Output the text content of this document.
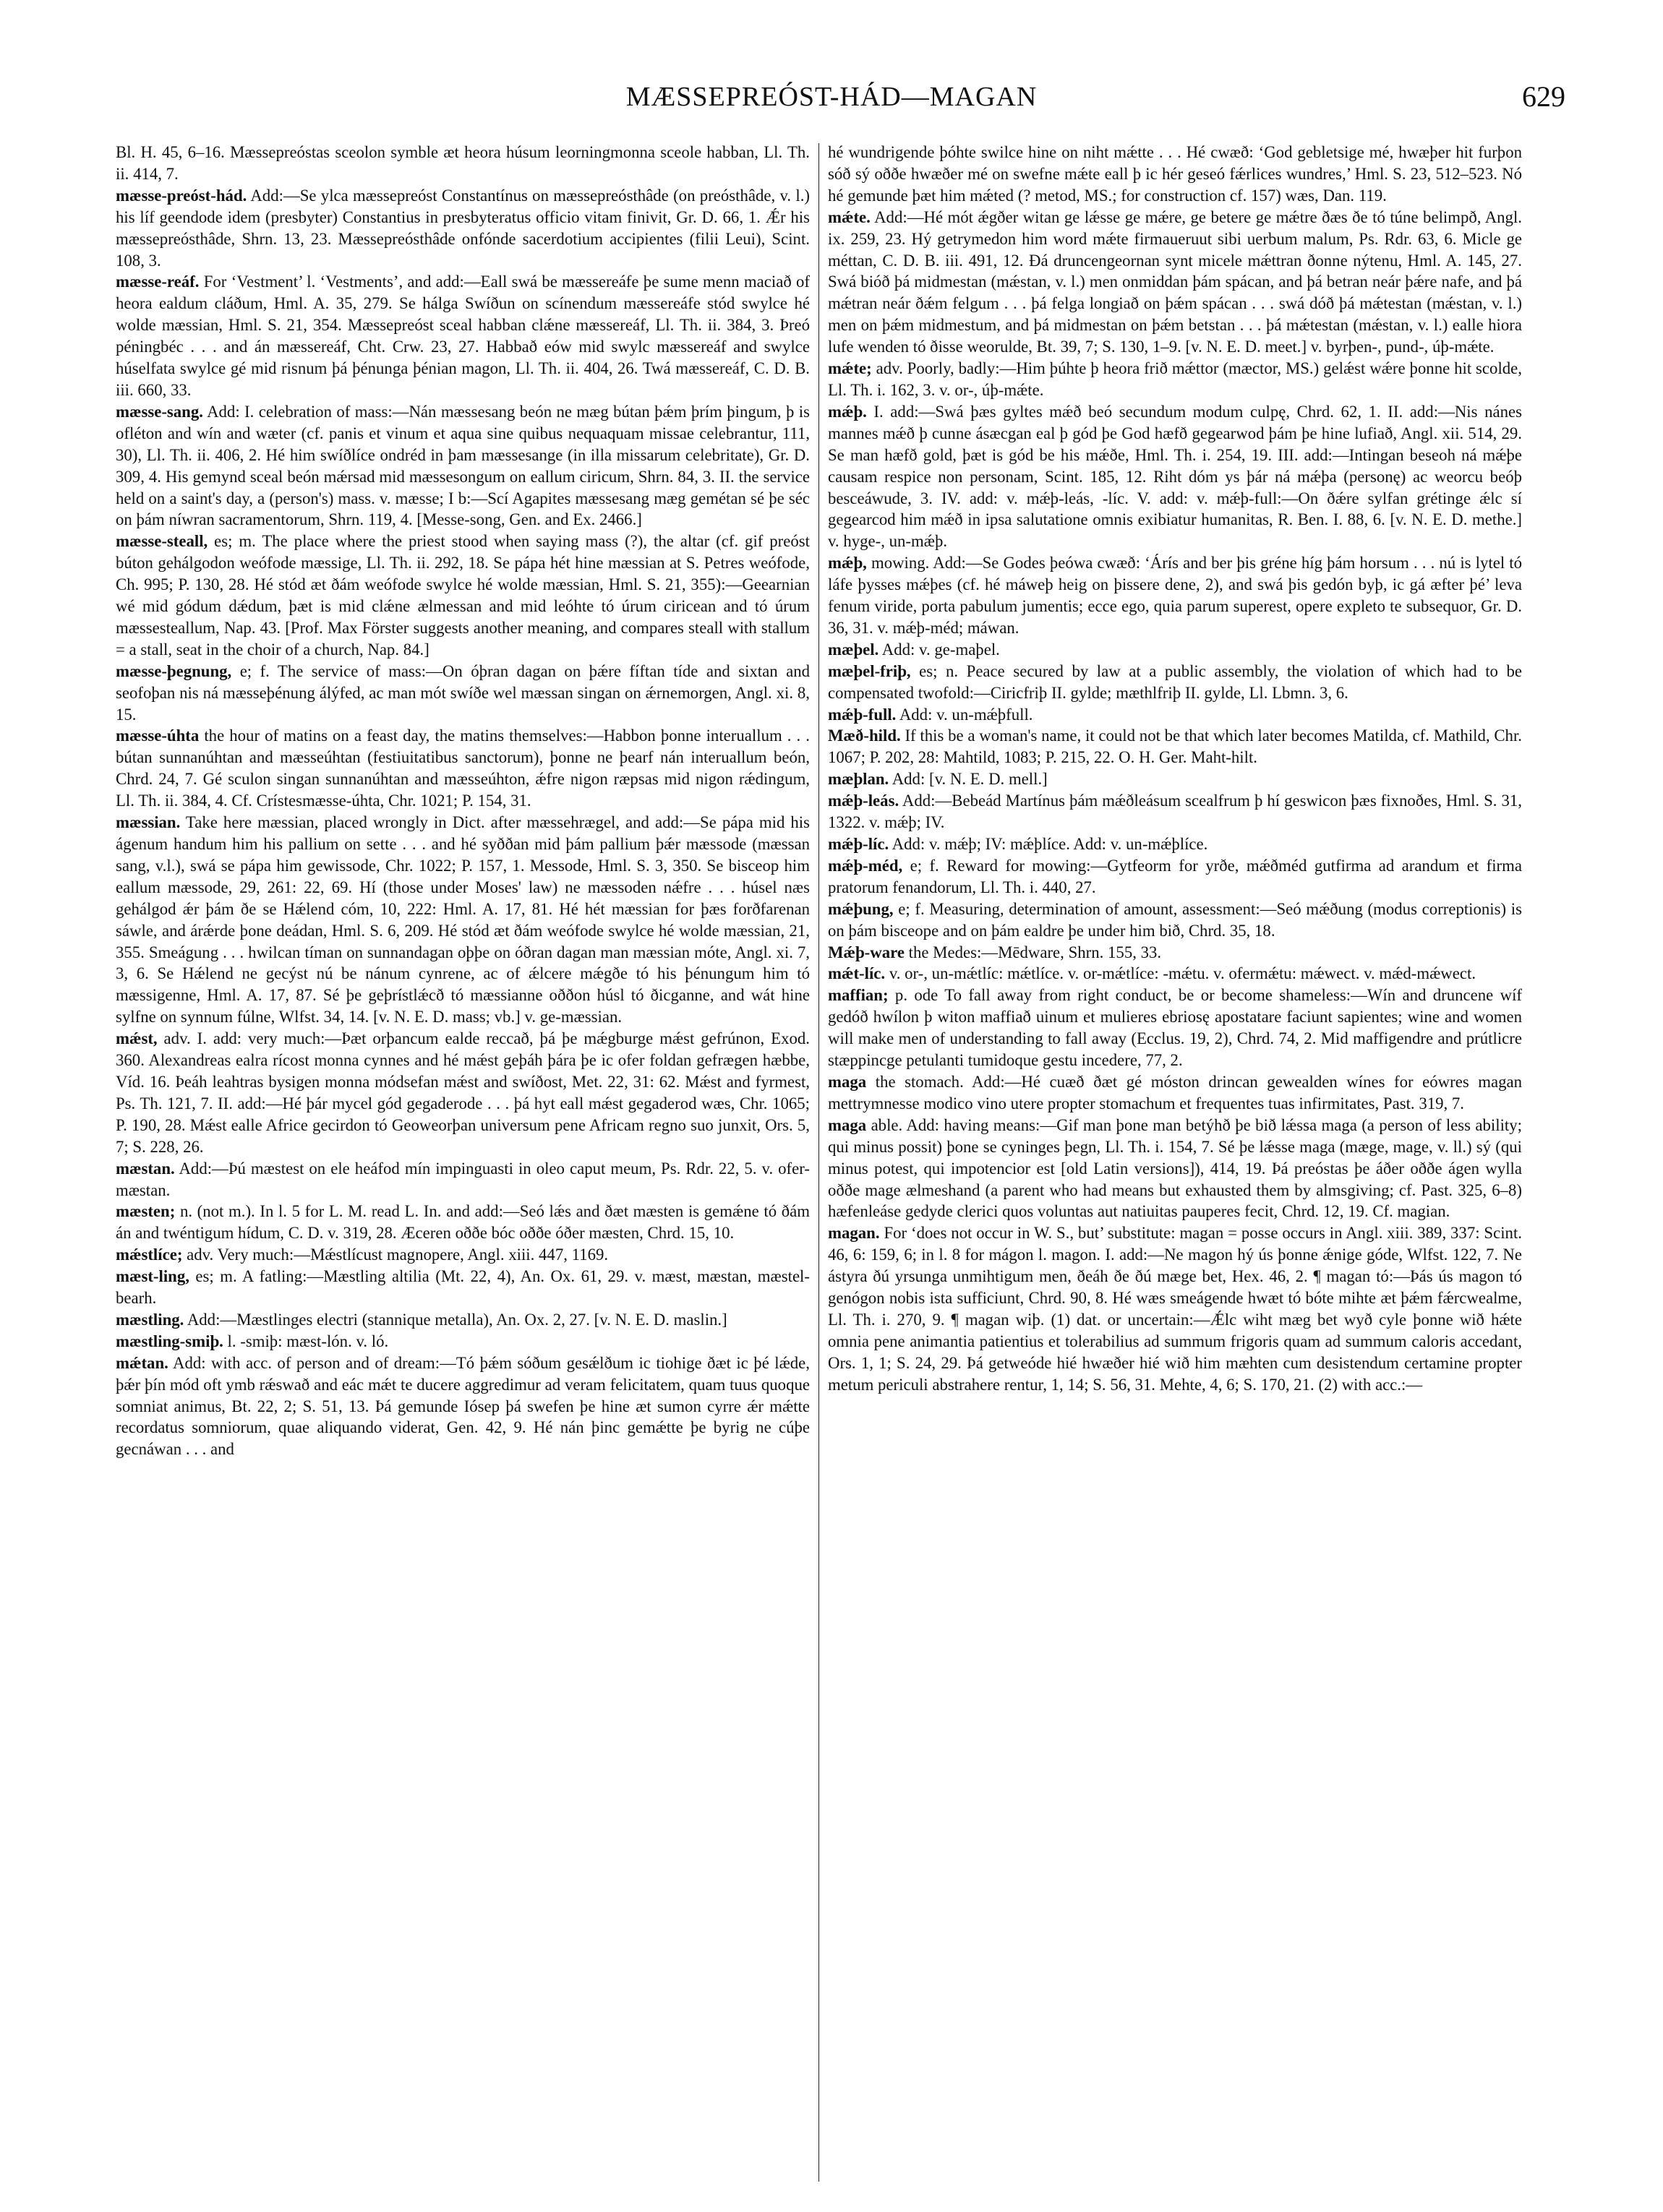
MÆSSEPREÓST-HÁD—MAGAN	629

Bl. H. 45, 6–16. Mæssepreóstas sceolon symble æt heora húsum leorningmonna sceole habban, Ll. Th. ii. 414, 7.

mæsse-preóst-hád. Add:—Se ylca mæssepreóst Constantínus on mæssepreósthâde (on preósthâde, v. l.) his líf geendode idem (presbyter) Constantius in presbyteratus officio vitam finivit, Gr. D. 66, 1. Ǽr his mæssepreósthâde, Shrn. 13, 23. Mæssepreósthâde onfónde sacerdotium accipientes (filii Leui), Scint. 108, 3.

mæsse-reáf. For ‘Vestment’ l. ‘Vestments’, and add:—Eall swá be mæssereáfe þe sume menn maciað of heora ealdum cláðum, Hml. A. 35, 279. Se hálga Swíðun on scínendum mæssereáfe stód swylce hé wolde mæssian, Hml. S. 21, 354. Mæssepreóst sceal habban clǽne mæssereáf, Ll. Th. ii. 384, 3. Þreó péningbéc . . . and án mæssereáf, Cht. Crw. 23, 27. Habbað eów mid swylc mæssereáf and swylce húselfata swylce gé mid risnum þá þénunga þénian magon, Ll. Th. ii. 404, 26. Twá mæssereáf, C. D. B. iii. 660, 33.

mæsse-sang. Add: I. celebration of mass:—Nán mæssesang beón ne mæg bútan þǽm þrím þingum, þ is ofléton and wín and wæter (cf. panis et vinum et aqua sine quibus nequaquam missae celebrantur, 111, 30), Ll. Th. ii. 406, 2. Hé him swíðlíce ondréd in þam mæssesange (in illa missarum celebritate), Gr. D. 309, 4. His gemynd sceal beón mǽrsad mid mæssesongum on eallum ciricum, Shrn. 84, 3. II. the service held on a saint's day, a (person's) mass. v. mæsse; I b:—Scí Agapites mæssesang mæg gemétan sé þe séc on þám níwran sacramentorum, Shrn. 119, 4. [Messe-song, Gen. and Ex. 2466.]

mæsse-steall, es; m. The place where the priest stood when saying mass (?), the altar (cf. gif preóst búton gehálgodon weófode mæssige, Ll. Th. ii. 292, 18. Se pápa hét hine mæssian at S. Petres weófode, Ch. 995; P. 130, 28. Hé stód æt ðám weófode swylce hé wolde mæssian, Hml. S. 21, 355):—Geearnian wé mid gódum dǽdum, þæt is mid clǽne ælmessan and mid leóhte tó úrum ciricean and tó úrum mæssesteallum, Nap. 43. [Prof. Max Förster suggests another meaning, and compares steall with stallum = a stall, seat in the choir of a church, Nap. 84.]

mæsse-þegnung, e; f. The service of mass:—On óþran dagan on þǽre fíftan tíde and sixtan and seofoþan nis ná mæsseþénung álýfed, ac man mót swíðe wel mæssan singan on ǽrnemorgen, Angl. xi. 8, 15.

mæsse-úhta the hour of matins on a feast day, the matins themselves:—Habbon þonne interuallum . . . bútan sunnanúhtan and mæsseúhtan (festiuitatibus sanctorum), þonne ne þearf nán interuallum beón, Chrd. 24, 7. Gé sculon singan sunnanúhtan and mæsseúhton, ǽfre nigon ræpsas mid nigon rǽdingum, Ll. Th. ii. 384, 4. Cf. Crístesmæsse-úhta, Chr. 1021; P. 154, 31.

mæssian. Take here mæssian, placed wrongly in Dict. after mæssehrægel, and add:—Se pápa mid his ágenum handum him his pallium on sette . . . and hé syððan mid þám pallium þǽr mæssode (mæssan sang, v.l.), swá se pápa him gewissode, Chr. 1022; P. 157, 1. Messode, Hml. S. 3, 350. Se bisceop him eallum mæssode, 29, 261: 22, 69. Hí (those under Moses' law) ne mæssoden nǽfre . . . húsel næs gehálgod ǽr þám ðe se Hǽlend cóm, 10, 222: Hml. A. 17, 81. Hé hét mæssian for þæs forðfarenan sáwle, and árǽrde þone deádan, Hml. S. 6, 209. Hé stód æt ðám weófode swylce hé wolde mæssian, 21, 355. Smeágung . . . hwilcan tíman on sunnandagan oþþe on óðran dagan man mæssian móte, Angl. xi. 7, 3, 6. Se Hǽlend ne gecýst nú be nánum cynrene, ac of ǽlcere mǽgðe tó his þénungum him tó mæssigenne, Hml. A. 17, 87. Sé þe geþrístlǽcð tó mæssianne oððon húsl tó ðicganne, and wát hine sylfne on synnum fúlne, Wlfst. 34, 14. [v. N. E. D. mass; vb.] v. ge-mæssian.

mǽst, adv. I. add: very much:—Þæt orþancum ealde reccað, þá þe mǽgburge mǽst gefrúnon, Exod. 360. Alexandreas ealra rícost monna cynnes and hé mǽst geþáh þára þe ic ofer foldan gefrægen hæbbe, Víd. 16. Þeáh leahtras bysigen monna módsefan mǽst and swíðost, Met. 22, 31: 62. Mǽst and fyrmest, Ps. Th. 121, 7. II. add:—Hé þár mycel gód gegaderode . . . þá hyt eall mǽst gegaderod wæs, Chr. 1065; P. 190, 28. Mǽst ealle Africe gecirdon tó Geoweorþan universum pene Africam regno suo junxit, Ors. 5, 7; S. 228, 26.

mæstan. Add:—Þú mæstest on ele heáfod mín impinguasti in oleo caput meum, Ps. Rdr. 22, 5. v. ofer-mæstan.

mæsten; n. (not m.). In l. 5 for L. M. read L. In. and add:—Seó lǽs and ðæt mæsten is gemǽne tó ðám án and twéntigum hídum, C. D. v. 319, 28. Æceren oððe bóc oððe óðer mæsten, Chrd. 15, 10.

mǽstlíce; adv. Very much:—Mǽstlícust magnopere, Angl. xiii. 447, 1169.

mæst-ling, es; m. A fatling:—Mæstling altilia (Mt. 22, 4), An. Ox. 61, 29. v. mæst, mæstan, mæstel-bearh.

mæstling. Add:—Mæstlinges electri (stannique metalla), An. Ox. 2, 27. [v. N. E. D. maslin.]

mæstling-smiþ. l. -smiþ: mæst-lón. v. ló.

mǽtan. Add: with acc. of person and of dream:—Tó þǽm sóðum gesǽlðum ic tiohige ðæt ic þé lǽde, þǽr þín mód oft ymb rǽswað and eác mǽt te ducere aggredimur ad veram felicitatem, quam tuus quoque somniat animus, Bt. 22, 2; S. 51, 13. Þá gemunde Iósep þá swefen þe hine æt sumon cyrre ǽr mǽtte recordatus somniorum, quae aliquando viderat, Gen. 42, 9. Hé nán þinc gemǽtte þe byrig ne cúþe gecnáwan . . . and

hé wundrigende þóhte swilce hine on niht mǽtte . . . Hé cwæð: ‘God gebletsige mé, hwæþer hit furþon sóð sý oððe hwæðer mé on swefne mǽte eall þ ic hér geseó fǽrlices wundres,’ Hml. S. 23, 512–523. Nó hé gemunde þæt him mǽted (? metod, MS.; for construction cf. 157) wæs, Dan. 119.

mǽte. Add:—Hé mót ǽgðer witan ge lǽsse ge mǽre, ge betere ge mǽtre ðæs ðe tó túne belimpð, Angl. ix. 259, 23. Hý getrymedon him word mǽte firmaueruut sibi uerbum malum, Ps. Rdr. 63, 6. Micle ge méttan, C. D. B. iii. 491, 12. Ðá druncengeornan synt micele mǽttran ðonne nýtenu, Hml. A. 145, 27. Swá bióð þá midmestan (mǽstan, v. l.) men onmiddan þám spácan, and þá betran neár þǽre nafe, and þá mǽtran neár ðǽm felgum . . . þá felga longiað on þǽm spácan . . . swá dóð þá mǽtestan (mǽstan, v. l.) men on þǽm midmestum, and þá midmestan on þǽm betstan . . . þá mǽtestan (mǽstan, v. l.) ealle hiora lufe wenden tó ðisse weorulde, Bt. 39, 7; S. 130, 1–9. [v. N. E. D. meet.] v. byrþen-, pund-, úþ-mǽte.

mǽte; adv. Poorly, badly:—Him þúhte þ heora frið mǽttor (mæctor, MS.) gelǽst wǽre þonne hit scolde, Ll. Th. i. 162, 3. v. or-, úþ-mǽte.

mǽþ. I. add:—Swá þæs gyltes mǽð beó secundum modum culpę, Chrd. 62, 1. II. add:—Nis nánes mannes mǽð þ cunne ásæcgan eal þ gód þe God hæfð gegearwod þám þe hine lufiað, Angl. xii. 514, 29. Se man hæfð gold, þæt is gód be his mǽðe, Hml. Th. i. 254, 19. III. add:—Intingan beseoh ná mǽþe causam respice non personam, Scint. 185, 12. Riht dóm ys þár ná mǽþa (personę) ac weorcu beóþ besceáwude, 3. IV. add: v. mǽþ-leás, -líc. V. add: v. mǽþ-full:—On ðǽre sylfan grétinge ǽlc sí gegearcod him mǽð in ipsa salutatione omnis exibiatur humanitas, R. Ben. I. 88, 6. [v. N. E. D. methe.] v. hyge-, un-mǽþ.

mǽþ, mowing. Add:—Se Godes þeówa cwæð: ‘Árís and ber þis gréne híg þám horsum . . . nú is lytel tó láfe þysses mǽþes (cf. hé máweþ heig on þissere dene, 2), and swá þis gedón byþ, ic gá æfter þé’ leva fenum viride, porta pabulum jumentis; ecce ego, quia parum superest, opere expleto te subsequor, Gr. D. 36, 31. v. mǽþ-méd; máwan.

mæþel. Add: v. ge-maþel.

mæþel-friþ, es; n. Peace secured by law at a public assembly, the violation of which had to be compensated twofold:—Ciricfriþ II. gylde; mæthlfriþ II. gylde, Ll. Lbmn. 3, 6.

mǽþ-full. Add: v. un-mǽþfull.

Mæð-hild. If this be a woman's name, it could not be that which later becomes Matilda, cf. Mathild, Chr. 1067; P. 202, 28: Mahtild, 1083; P. 215, 22. O. H. Ger. Maht-hilt.

mæþlan. Add: [v. N. E. D. mell.]

mǽþ-leás. Add:—Bebeád Martínus þám mǽðleásum scealfrum þ hí geswicon þæs fixnoðes, Hml. S. 31, 1322. v. mǽþ; IV.

mǽþ-líc. Add: v. mǽþ; IV: mǽþlíce. Add: v. un-mǽþlíce.

mǽþ-méd, e; f. Reward for mowing:—Gytfeorm for yrðe, mǽðméd gutfirma ad arandum et firma pratorum fenandorum, Ll. Th. i. 440, 27.

mǽþung, e; f. Measuring, determination of amount, assessment:—Seó mǽðung (modus correptionis) is on þám bisceope and on þám ealdre þe under him bið, Chrd. 35, 18.

Mǽþ-ware the Medes:—Mēdware, Shrn. 155, 33.

mǽt-líc. v. or-, un-mǽtlíc: mǽtlíce. v. or-mǽtlíce: -mǽtu. v. ofermǽtu: mǽwect. v. mǽd-mǽwect.

maffian; p. ode To fall away from right conduct, be or become shameless:—Wín and druncene wíf gedóð hwílon þ witon maffiað uinum et mulieres ebriosę apostatare faciunt sapientes; wine and women will make men of understanding to fall away (Ecclus. 19, 2), Chrd. 74, 2. Mid maffigendre and prútlicre stæppincge petulanti tumidoque gestu incedere, 77, 2.

maga the stomach. Add:—Hé cuæð ðæt gé móston drincan gewealden wínes for eówres magan mettrymnesse modico vino utere propter stomachum et frequentes tuas infirmitates, Past. 319, 7.

maga able. Add: having means:—Gif man þone man betýhð þe bið lǽssa maga (a person of less ability; qui minus possit) þone se cyninges þegn, Ll. Th. i. 154, 7. Sé þe lǽsse maga (mæge, mage, v. ll.) sý (qui minus potest, qui impotencior est [old Latin versions]), 414, 19. Þá preóstas þe áðer oððe ágen wylla oððe mage ælmeshand (a parent who had means but exhausted them by almsgiving; cf. Past. 325, 6–8) hæfenleáse gedyde clerici quos voluntas aut natiuitas pauperes fecit, Chrd. 12, 19. Cf. magian.

magan. For ‘does not occur in W. S., but’ substitute: magan = posse occurs in Angl. xiii. 389, 337: Scint. 46, 6: 159, 6; in l. 8 for mágon l. magon. I. add:—Ne magon hý ús þonne ǽnige góde, Wlfst. 122, 7. Ne ástyra ðú yrsunga unmihtigum men, ðeáh ðe ðú mæge bet, Hex. 46, 2. ¶ magan tó:—Þás ús magon tó genógon nobis ista sufficiunt, Chrd. 90, 8. Hé wæs smeágende hwæt tó bóte mihte æt þǽm fǽrcwealme, Ll. Th. i. 270, 9. ¶ magan wiþ. (1) dat. or uncertain:—Ǽlc wiht mæg bet wyð cyle þonne wið hǽte omnia pene animantia patientius et tolerabilius ad summum frigoris quam ad summum caloris accedant, Ors. 1, 1; S. 24, 29. Þá getweóde hié hwæðer hié wið him mæhten cum desistendum certamine propter metum periculi abstrahere rentur, 1, 14; S. 56, 31. Mehte, 4, 6; S. 170, 21. (2) with acc.:—
